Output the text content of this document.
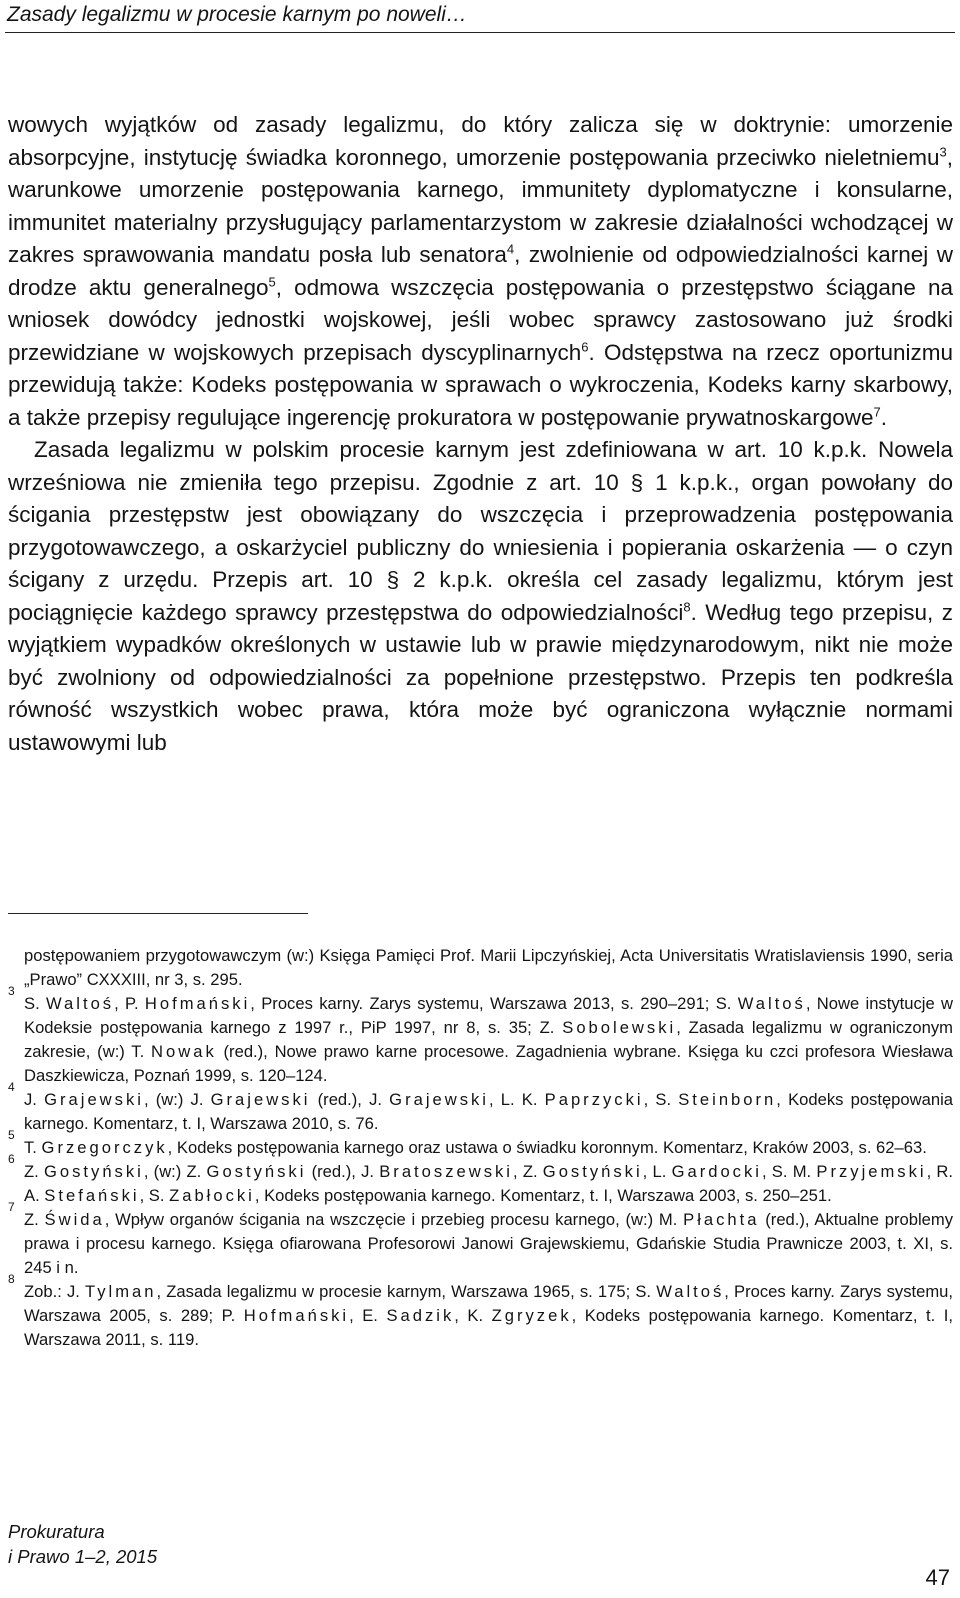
Zasady legalizmu w procesie karnym po noweli…

wowych wyjątków od zasady legalizmu, do który zalicza się w doktrynie: umorzenie absorpcyjne, instytucję świadka koronnego, umorzenie postępowania przeciwko nieletniemu$^3$, warunkowe umorzenie postępowania karnego, immunitety dyplomatyczne i konsularne, immunitet materialny przysługujący parlamentarzystom w zakresie działalności wchodzącej w zakres sprawowania mandatu posła lub senatora$^4$, zwolnienie od odpowiedzialności karnej w drodze aktu generalnego$^5$, odmowa wszczęcia postępowania o przestępstwo ściągane na wniosek dowódcy jednostki wojskowej, jeśli wobec sprawcy zastosowano już środki przewidziane w wojskowych przepisach dyscyplinarnych$^6$. Odstępstwa na rzecz oportunizmu przewidują także: Kodeks postępowania w sprawach o wykroczenia, Kodeks karny skarbowy, a także przepisy regulujące ingerencję prokuratora w postępowanie prywatnoskargowe$^7$.

Zasada legalizmu w polskim procesie karnym jest zdefiniowana w art. 10 k.p.k. Nowela wrześniowa nie zmieniła tego przepisu. Zgodnie z art. 10 § 1 k.p.k., organ powołany do ścigania przestępstw jest obowiązany do wszczęcia i przeprowadzenia postępowania przygotowawczego, a oskarżyciel publiczny do wniesienia i popierania oskarżenia — o czyn ścigany z urzędu. Przepis art. 10 § 2 k.p.k. określa cel zasady legalizmu, którym jest pociągnięcie każdego sprawcy przestępstwa do odpowiedzialności$^8$. Według tego przepisu, z wyjątkiem wypadków określonych w ustawie lub w prawie międzynarodowym, nikt nie może być zwolniony od odpowiedzialności za popełnione przestępstwo. Przepis ten podkreśla równość wszystkich wobec prawa, która może być ograniczona wyłącznie normami ustawowymi lub

postępowaniem przygotowawczym (w:) Księga Pamięci Prof. Marii Lipczyńskiej, Acta Universitatis Wratislaviensis 1990, seria „Prawo” CXXXIII, nr 3, s. 295.
3
S. Waltoś, P. Hofmański, Proces karny. Zarys systemu, Warszawa 2013, s. 290–291; S. Waltoś, Nowe instytucje w Kodeksie postępowania karnego z 1997 r., PiP 1997, nr 8, s. 35; Z. Sobolewski, Zasada legalizmu w ograniczonym zakresie, (w:) T. Nowak (red.), Nowe prawo karne procesowe. Zagadnienia wybrane. Księga ku czci profesora Wiesława Daszkiewicza, Poznań 1999, s. 120–124.
4
J. Grajewski, (w:) J. Grajewski (red.), J. Grajewski, L. K. Paprzycki, S. Steinborn, Kodeks postępowania karnego. Komentarz, t. I, Warszawa 2010, s. 76.
5
T. Grzegorczyk, Kodeks postępowania karnego oraz ustawa o świadku koronnym. Komentarz, Kraków 2003, s. 62–63.
6
Z. Gostyński, (w:) Z. Gostyński (red.), J. Bratoszewski, Z. Gostyński, L. Gardocki, S. M. Przyjemski, R. A. Stefański, S. Zabłocki, Kodeks postępowania karnego. Komentarz, t. I, Warszawa 2003, s. 250–251.
7
Z. Świda, Wpływ organów ścigania na wszczęcie i przebieg procesu karnego, (w:) M. Płachta (red.), Aktualne problemy prawa i procesu karnego. Księga ofiarowana Profesorowi Janowi Grajewskiemu, Gdańskie Studia Prawnicze 2003, t. XI, s. 245 i n.
8
Zob.: J. Tylman, Zasada legalizmu w procesie karnym, Warszawa 1965, s. 175; S. Waltoś, Proces karny. Zarys systemu, Warszawa 2005, s. 289; P. Hofmański, E. Sadzik, K. Zgryzek, Kodeks postępowania karnego. Komentarz, t. I, Warszawa 2011, s. 119.
Prokuratura
i Prawo 1–2, 2015
47
